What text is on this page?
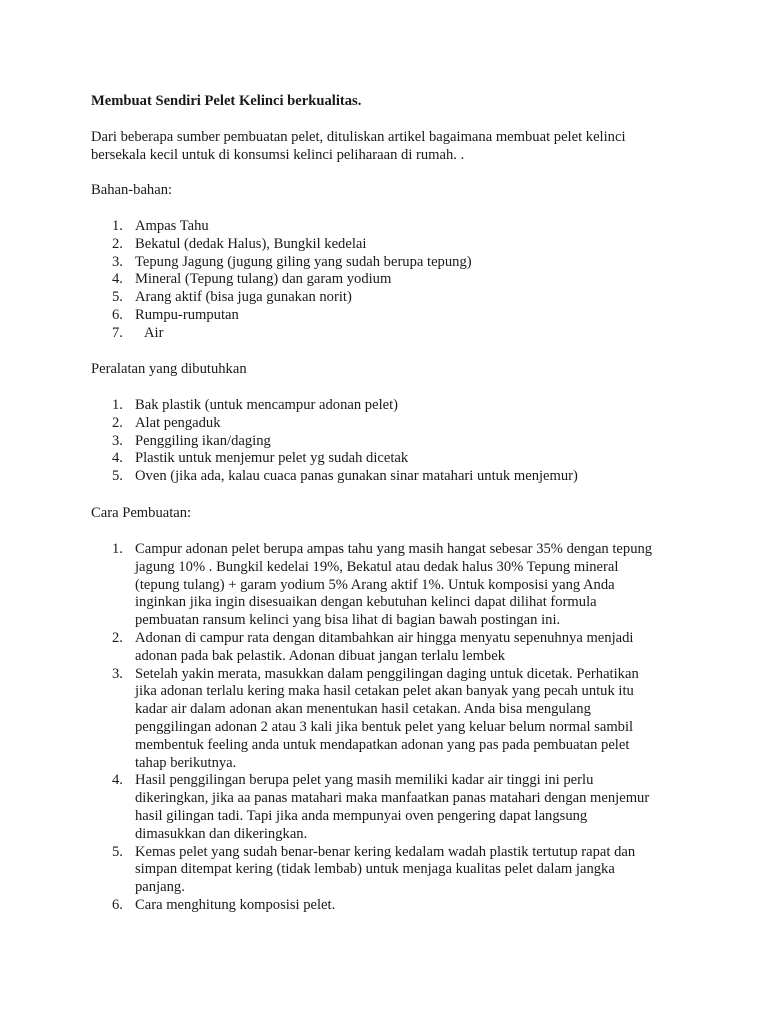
Membuat Sendiri Pelet Kelinci berkualitas.

Dari beberapa sumber pembuatan pelet, dituliskan artikel bagaimana membuat pelet kelinci
bersekala kecil untuk di konsumsi kelinci peliharaan di rumah. .

Bahan-bahan:

1. Ampas Tahu
2. Bekatul (dedak Halus), Bungkil kedelai
3. Tepung Jagung (jugung giling yang sudah berupa tepung)
4. Mineral (Tepung tulang) dan garam yodium
5. Arang aktif (bisa juga gunakan norit)
6. Rumpu-rumputan
7.	Air

Peralatan yang dibutuhkan

1. Bak plastik (untuk mencampur adonan pelet)
2. Alat pengaduk
3. Penggiling ikan/daging
4. Plastik untuk menjemur pelet yg sudah dicetak
5. Oven (jika ada, kalau cuaca panas gunakan sinar matahari untuk menjemur)

Cara Pembuatan:

1. Campur adonan pelet berupa ampas tahu yang masih hangat sebesar 35% dengan tepung
jagung 10% . Bungkil kedelai 19%, Bekatul atau dedak halus 30% Tepung mineral
(tepung tulang) + garam yodium 5% Arang aktif 1%. Untuk komposisi yang Anda
inginkan jika ingin disesuaikan dengan kebutuhan kelinci dapat dilihat formula
pembuatan ransum kelinci yang bisa lihat di bagian bawah postingan ini.
2. Adonan di campur rata dengan ditambahkan air hingga menyatu sepenuhnya menjadi
adonan pada bak pelastik. Adonan dibuat jangan terlalu lembek
3. Setelah yakin merata, masukkan dalam penggilingan daging untuk dicetak. Perhatikan
jika adonan terlalu kering maka hasil cetakan pelet akan banyak yang pecah untuk itu
kadar air dalam adonan akan menentukan hasil cetakan. Anda bisa mengulang
penggilingan adonan 2 atau 3 kali jika bentuk pelet yang keluar belum normal sambil
membentuk feeling anda untuk mendapatkan adonan yang pas pada pembuatan pelet
tahap berikutnya.
4. Hasil penggilingan berupa pelet yang masih memiliki kadar air tinggi ini perlu
dikeringkan, jika aa panas matahari maka manfaatkan panas matahari dengan menjemur
hasil gilingan tadi. Tapi jika anda mempunyai oven pengering dapat langsung
dimasukkan dan dikeringkan.
5. Kemas pelet yang sudah benar-benar kering kedalam wadah plastik tertutup rapat dan
simpan ditempat kering (tidak lembab) untuk menjaga kualitas pelet dalam jangka
panjang.
6. Cara menghitung komposisi pelet.
